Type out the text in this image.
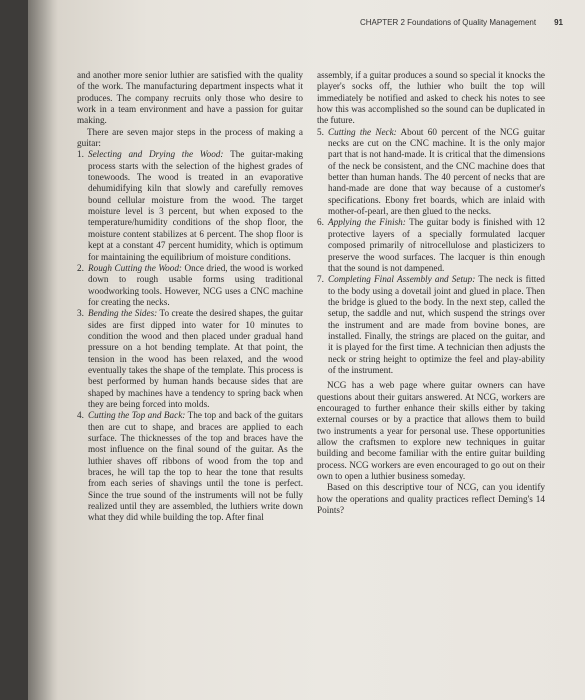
CHAPTER 2 Foundations of Quality Management 91

and another more senior luthier are satisfied with the quality of the work. The manufacturing department inspects what it produces. The company recruits only those who desire to work in a team environment and have a passion for guitar making.

There are seven major steps in the process of making a guitar:

1. Selecting and Drying the Wood: The guitar-making process starts with the selection of the highest grades of tonewoods. The wood is treated in an evaporative dehumidifying kiln that slowly and carefully removes bound cellular moisture from the wood. The target moisture level is 3 percent, but when exposed to the temperature/humidity conditions of the shop floor, the moisture content stabilizes at 6 percent. The shop floor is kept at a constant 47 percent humidity, which is optimum for maintaining the equilibrium of moisture conditions.
2. Rough Cutting the Wood: Once dried, the wood is worked down to rough usable forms using traditional woodworking tools. However, NCG uses a CNC machine for creating the necks.
3. Bending the Sides: To create the desired shapes, the guitar sides are first dipped into water for 10 minutes to condition the wood and then placed under gradual hand pressure on a hot bending template. At that point, the tension in the wood has been relaxed, and the wood eventually takes the shape of the template. This process is best performed by human hands because sides that are shaped by machines have a tendency to spring back when they are being forced into molds.
4. Cutting the Top and Back: The top and back of the guitars then are cut to shape, and braces are applied to each surface. The thicknesses of the top and braces have the most influence on the final sound of the guitar. As the luthier shaves off ribbons of wood from the top and braces, he will tap the top to hear the tone that results from each series of shavings until the tone is perfect. Since the true sound of the instruments will not be fully realized until they are assembled, the luthiers write down what they did while building the top. After final

assembly, if a guitar produces a sound so special it knocks the player's socks off, the luthier who built the top will immediately be notified and asked to check his notes to see how this was accomplished so the sound can be duplicated in the future.

5. Cutting the Neck: About 60 percent of the NCG guitar necks are cut on the CNC machine. It is the only major part that is not hand-made. It is critical that the dimensions of the neck be consistent, and the CNC machine does that better than human hands. The 40 percent of necks that are hand-made are done that way because of a customer's specifications. Ebony fret boards, which are inlaid with mother-of-pearl, are then glued to the necks.
6. Applying the Finish: The guitar body is finished with 12 protective layers of a specially formulated lacquer composed primarily of nitrocellulose and plasticizers to preserve the wood surfaces. The lacquer is thin enough that the sound is not dampened.
7. Completing Final Assembly and Setup: The neck is fitted to the body using a dovetail joint and glued in place. Then the bridge is glued to the body. In the next step, called the setup, the saddle and nut, which suspend the strings over the instrument and are made from bovine bones, are installed. Finally, the strings are placed on the guitar, and it is played for the first time. A technician then adjusts the neck or string height to optimize the feel and play-ability of the instrument.

NCG has a web page where guitar owners can have questions about their guitars answered. At NCG, workers are encouraged to further enhance their skills either by taking external courses or by a practice that allows them to build two instruments a year for personal use. These opportunities allow the craftsmen to explore new techniques in guitar building and become familiar with the entire guitar building process. NCG workers are even encouraged to go out on their own to open a luthier business someday.

Based on this descriptive tour of NCG, can you identify how the operations and quality practices reflect Deming's 14 Points?
